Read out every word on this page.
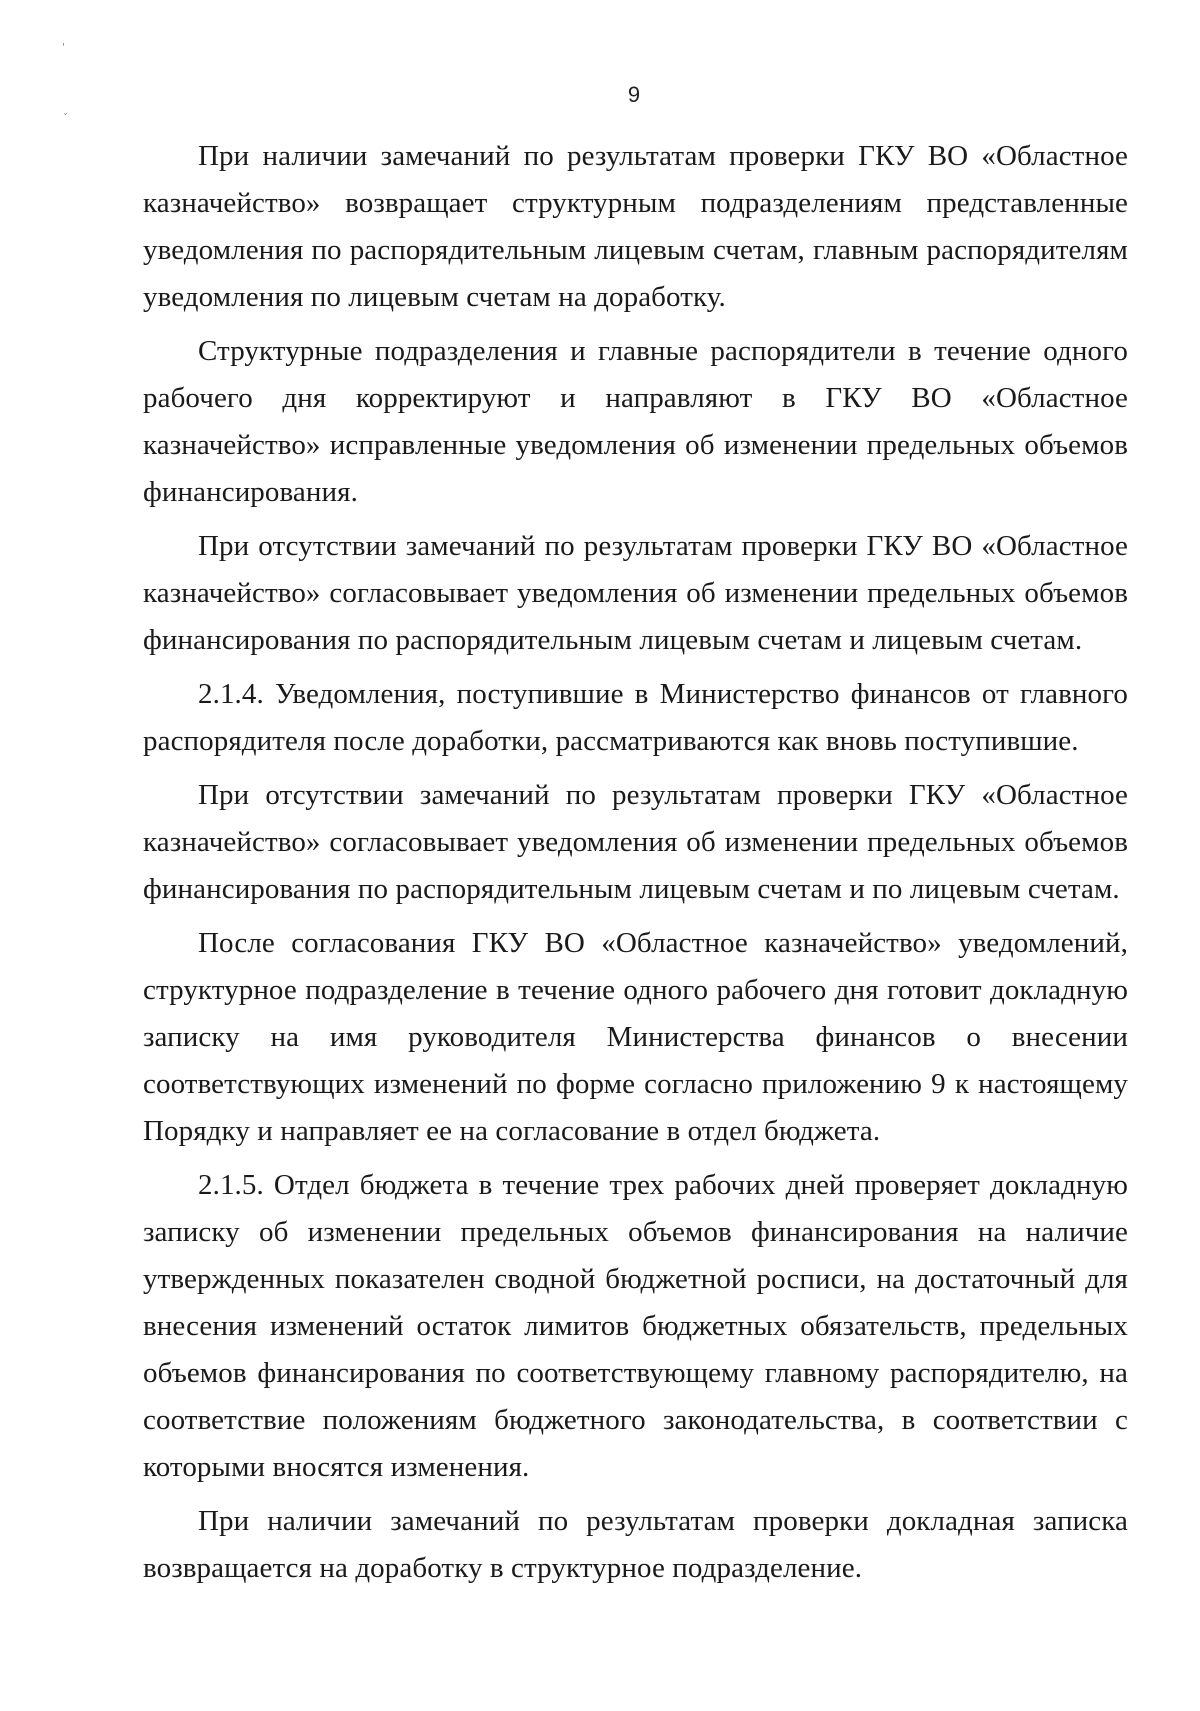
'
ˇ
9

При наличии замечаний по результатам проверки ГКУ ВО «Областное казначейство» возвращает структурным подразделениям представленные уведомления по распорядительным лицевым счетам, главным распорядителям уведомления по лицевым счетам на доработку.

Структурные подразделения и главные распорядители в течение одного рабочего дня корректируют и направляют в ГКУ ВО «Областное казначейство» исправленные уведомления об изменении предельных объемов финансирования.

При отсутствии замечаний по результатам проверки ГКУ ВО «Областное казначейство» согласовывает уведомления об изменении предельных объемов финансирования по распорядительным лицевым счетам и лицевым счетам.

2.1.4. Уведомления, поступившие в Министерство финансов от главного распорядителя после доработки, рассматриваются как вновь поступившие.

При отсутствии замечаний по результатам проверки ГКУ «Областное казначейство» согласовывает уведомления об изменении предельных объемов финансирования по распорядительным лицевым счетам и по лицевым счетам.

После согласования ГКУ ВО «Областное казначейство» уведомлений, структурное подразделение в течение одного рабочего дня готовит докладную записку на имя руководителя Министерства финансов о внесении соответствующих изменений по форме согласно приложению 9 к настоящему Порядку и направляет ее на согласование в отдел бюджета.

2.1.5. Отдел бюджета в течение трех рабочих дней проверяет докладную записку об изменении предельных объемов финансирования на наличие утвержденных показателен сводной бюджетной росписи, на достаточный для внесения изменений остаток лимитов бюджетных обязательств, предельных объемов финансирования по соответствующему главному распорядителю, на соответствие положениям бюджетного законодательства, в соответствии с которыми вносятся изменения.

При наличии замечаний по результатам проверки докладная записка возвращается на доработку в структурное подразделение.
